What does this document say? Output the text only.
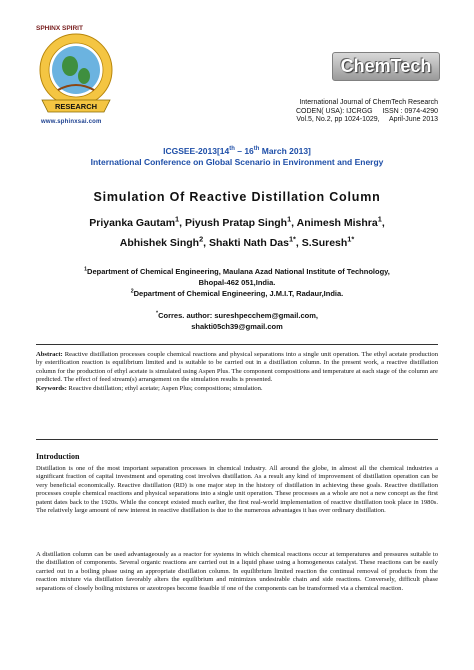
SPHINX SPIRIT
RESEARCH
www.sphinxsai.com
ChemTech
International Journal of ChemTech Research
CODEN( USA): IJCRGG     ISSN : 0974-4290
Vol.5, No.2, pp 1024-1029,     April-June 2013
ICGSEE-2013[14th – 16th March 2013]
International Conference on Global Scenario in Environment and Energy
Simulation Of Reactive Distillation Column
Priyanka Gautam$^1$, Piyush Pratap Singh$^1$, Animesh Mishra$^1$,
Abhishek Singh$^2$, Shakti Nath Das$^{1*}$, S.Suresh$^{1*}$
$^1$Department of Chemical Engineering, Maulana Azad National Institute of Technology,
Bhopal-462 051,India.
$^2$Department of Chemical Engineering, J.M.I.T, Radaur,India.
*Corres. author: sureshpecchem@gmail.com,
shakti05ch39@gmail.com
Abstract: Reactive distillation processes couple chemical reactions and physical separations into a single unit operation. The ethyl acetate production by esterification reaction is equilibrium limited and is suitable to be carried out in a distillation column. In the present work, a reactive distillation column for the production of ethyl acetate is simulated using Aspen Plus. The component compositions and temperature at each stage of the column are predicted. The effect of feed stream(s) arrangement on the simulation results is presented.
Keywords: Reactive distillation; ethyl acetate; Aspen Plus; compositions; simulation.
Introduction
Distillation is one of the most important separation processes in chemical industry. All around the globe, in almost all the chemical industries a significant fraction of capital investment and operating cost involves distillation. As a result any kind of improvement of distillation operation can be very beneficial economically. Reactive distillation (RD) is one major step in the history of distillation in achieving these goals. Reactive distillation processes couple chemical reactions and physical separations into a single unit operation. These processes as a whole are not a new concept as the first patent dates back to the 1920s. While the concept existed much earlier, the first real-world implementation of reactive distillation took place in 1980s. The relatively large amount of new interest in reactive distillation is due to the numerous advantages it has over ordinary distillation.
A distillation column can be used advantageously as a reactor for systems in which chemical reactions occur at temperatures and pressures suitable to the distillation of components. Several organic reactions are carried out in a liquid phase using a homogeneous catalyst. These reactions can be easily carried out in a boiling phase using an appropriate distillation column. In equilibrium limited reaction the continual removal of products from the reaction mixture via distillation favorably alters the equilibrium and minimizes undesirable chain and side reactions. Conversely, difficult phase separations of closely boiling mixtures or azeotropes become feasible if one of the components can be transformed via a chemical reaction.
